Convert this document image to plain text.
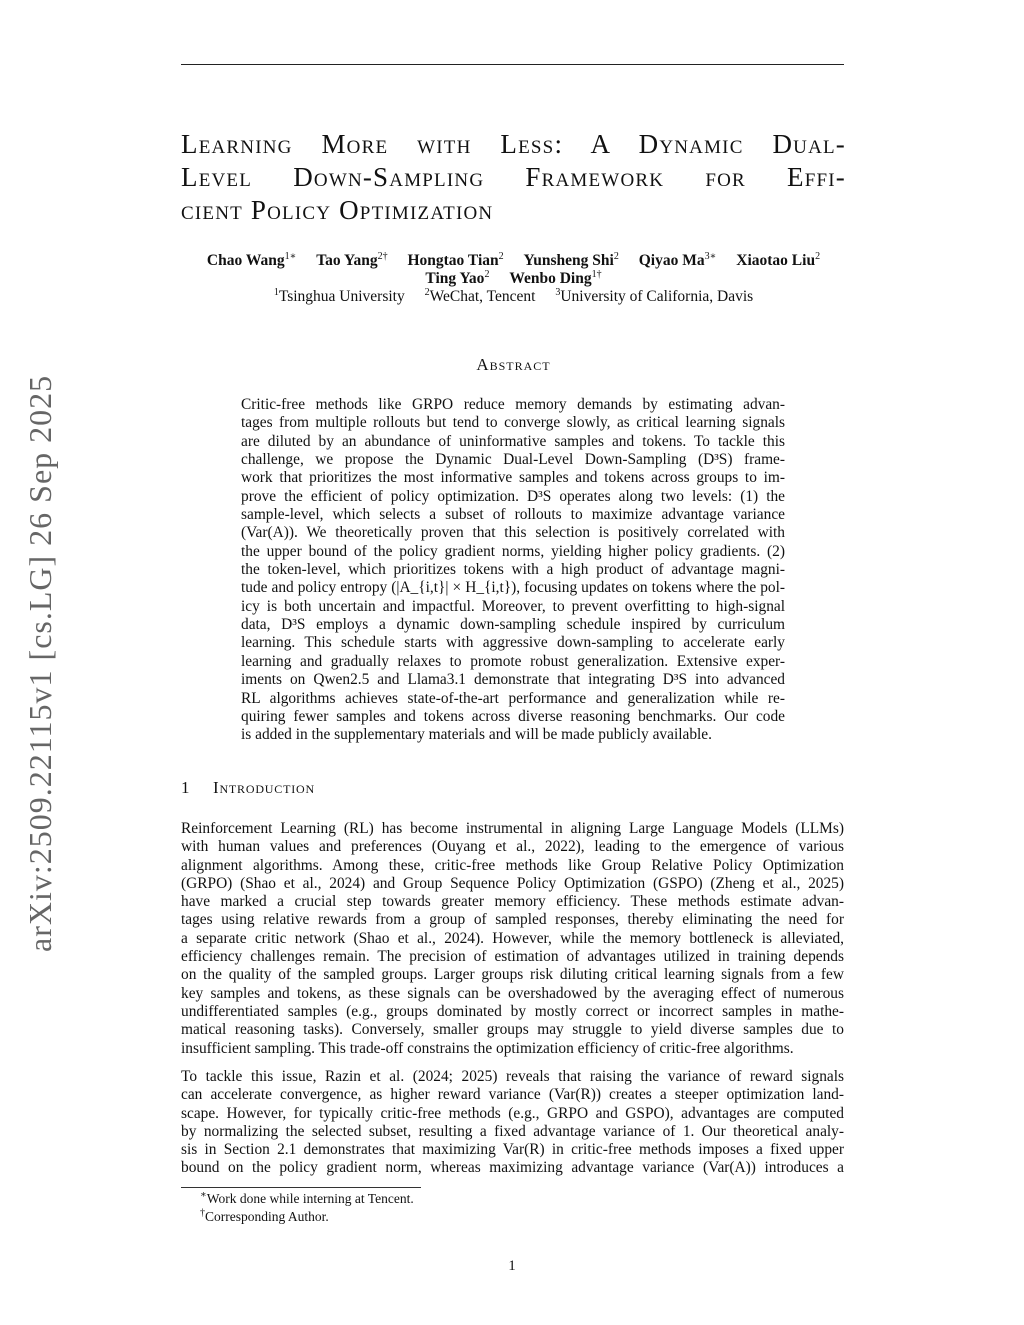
arXiv:2509.22115v1 [cs.LG] 26 Sep 2025
Learning More with Less: A Dynamic Dual-
Level Down-Sampling Framework for Effi-
cient Policy Optimization
Chao Wang$^{1∗}$ Tao Yang$^{2\dagger}$ Hongtao Tian$^2$ Yunsheng Shi$^2$ Qiyao $Ma^{3∗}$ Xiaotao Liu$^2$
Ting Yao$^2$ Wenbo Ding$^{1\dagger}$
$^1$Tsinghua University $^2$WeChat, Tencent $^3$University of California, Davis
Abstract
Critic-free methods like GRPO reduce memory demands by estimating advan-
tages from multiple rollouts but tend to converge slowly, as critical learning signals
are diluted by an abundance of uninformative samples and tokens. To tackle this
challenge, we propose the Dynamic Dual-Level Down-Sampling (D³S) frame-
work that prioritizes the most informative samples and tokens across groups to im-
prove the efficient of policy optimization. D³S operates along two levels: (1) the
sample-level, which selects a subset of rollouts to maximize advantage variance
(Var(A)). We theoretically proven that this selection is positively correlated with
the upper bound of the policy gradient norms, yielding higher policy gradients. (2)
the token-level, which prioritizes tokens with a high product of advantage magni-
tude and policy entropy (|A_{i,t}| × H_{i,t}), focusing updates on tokens where the pol-
icy is both uncertain and impactful. Moreover, to prevent overfitting to high-signal
data, D³S employs a dynamic down-sampling schedule inspired by curriculum
learning. This schedule starts with aggressive down-sampling to accelerate early
learning and gradually relaxes to promote robust generalization. Extensive exper-
iments on Qwen2.5 and Llama3.1 demonstrate that integrating D³S into advanced
RL algorithms achieves state-of-the-art performance and generalization while re-
quiring fewer samples and tokens across diverse reasoning benchmarks. Our code
is added in the supplementary materials and will be made publicly available.
1 Introduction
Reinforcement Learning (RL) has become instrumental in aligning Large Language Models (LLMs)
with human values and preferences (Ouyang et al., 2022), leading to the emergence of various
alignment algorithms. Among these, critic-free methods like Group Relative Policy Optimization
(GRPO) (Shao et al., 2024) and Group Sequence Policy Optimization (GSPO) (Zheng et al., 2025)
have marked a crucial step towards greater memory efficiency. These methods estimate advan-
tages using relative rewards from a group of sampled responses, thereby eliminating the need for
a separate critic network (Shao et al., 2024). However, while the memory bottleneck is alleviated,
efficiency challenges remain. The precision of estimation of advantages utilized in training depends
on the quality of the sampled groups. Larger groups risk diluting critical learning signals from a few
key samples and tokens, as these signals can be overshadowed by the averaging effect of numerous
undifferentiated samples (e.g., groups dominated by mostly correct or incorrect samples in mathe-
matical reasoning tasks). Conversely, smaller groups may struggle to yield diverse samples due to
insufficient sampling. This trade-off constrains the optimization efficiency of critic-free algorithms.
To tackle this issue, Razin et al. (2024; 2025) reveals that raising the variance of reward signals
can accelerate convergence, as higher reward variance (Var(R)) creates a steeper optimization land-
scape. However, for typically critic-free methods (e.g., GRPO and GSPO), advantages are computed
by normalizing the selected subset, resulting a fixed advantage variance of 1. Our theoretical analy-
sis in Section 2.1 demonstrates that maximizing Var(R) in critic-free methods imposes a fixed upper
bound on the policy gradient norm, whereas maximizing advantage variance (Var(A)) introduces a
∗Work done while interning at Tencent.
†Corresponding Author.
1
